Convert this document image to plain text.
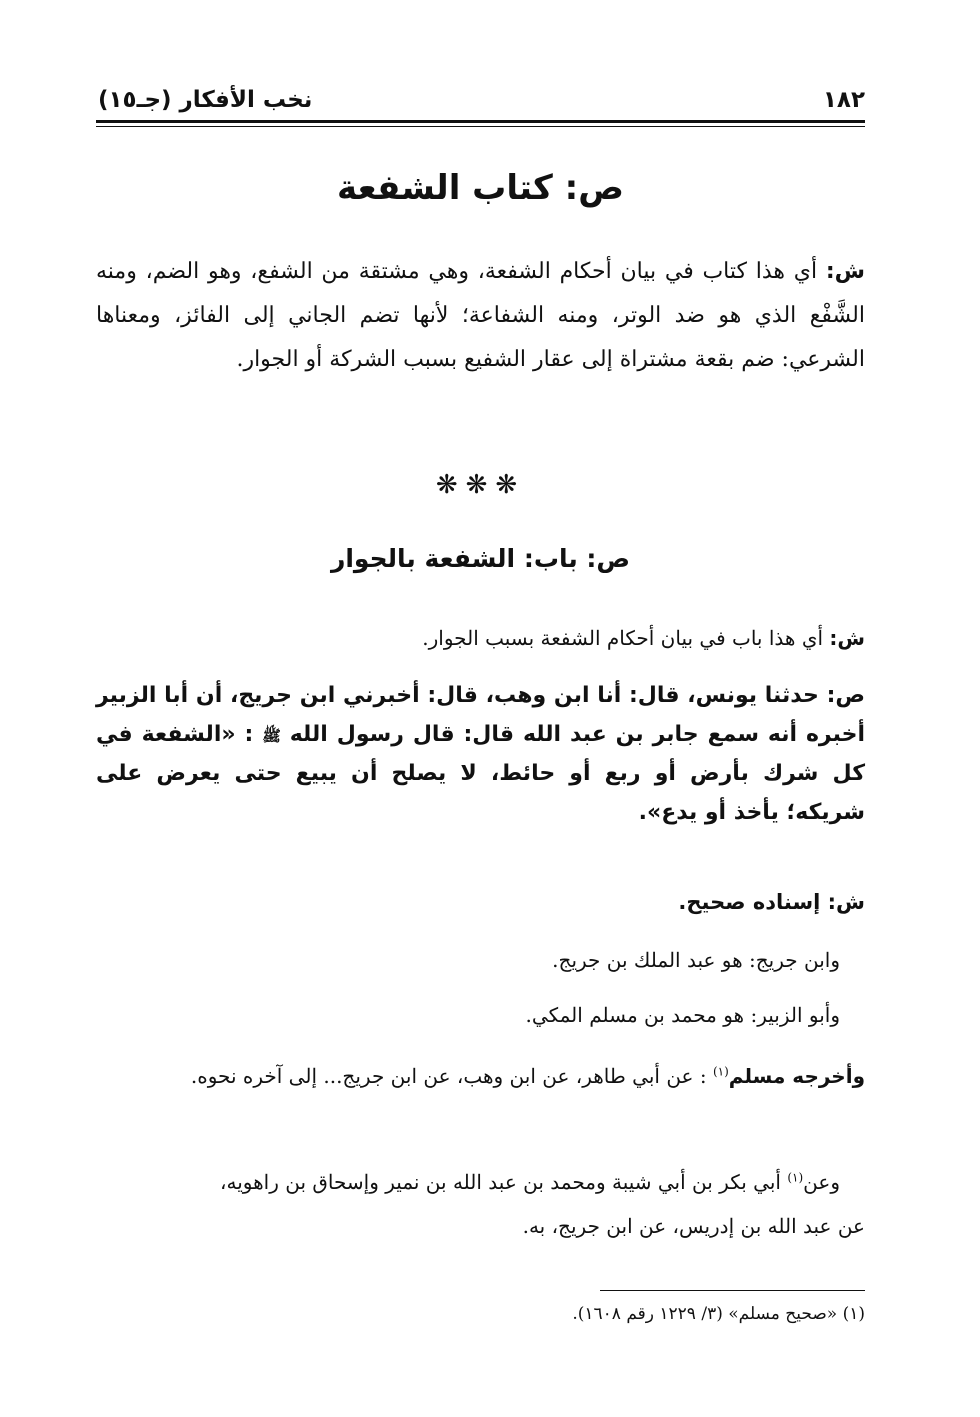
١٨٢
نخب الأفكار (جـ١٥)
ص: كتاب الشفعة
ش: أي هذا كتاب في بيان أحكام الشفعة، وهي مشتقة من الشفع، وهو الضم، ومنه الشَّفْع الذي هو ضد الوتر، ومنه الشفاعة؛ لأنها تضم الجاني إلى الفائز، ومعناها الشرعي: ضم بقعة مشتراة إلى عقار الشفيع بسبب الشركة أو الجوار.
❋❋❋
ص: باب: الشفعة بالجوار
ش: أي هذا باب في بيان أحكام الشفعة بسبب الجوار.
ص: حدثنا يونس، قال: أنا ابن وهب، قال: أخبرني ابن جريج، أن أبا الزبير أخبره أنه سمع جابر بن عبد الله قال: قال رسول الله ﷺ : «الشفعة في كل شرك بأرض أو ربع أو حائط، لا يصلح أن يبيع حتى يعرض على شريكه؛ يأخذ أو يدع».
ش: إسناده صحيح.
وابن جريج: هو عبد الملك بن جريج.
وأبو الزبير: هو محمد بن مسلم المكي.
وأخرجه مسلم$^{(١)}$ : عن أبي طاهر، عن ابن وهب، عن ابن جريج... إلى آخره نحوه.
وعن$^{(١)}$ أبي بكر بن أبي شيبة ومحمد بن عبد الله بن نمير وإسحاق بن راهويه،
عن عبد الله بن إدريس، عن ابن جريج، به.
(١) «صحيح مسلم» (٣/ ١٢٢٩ رقم ١٦٠٨).
